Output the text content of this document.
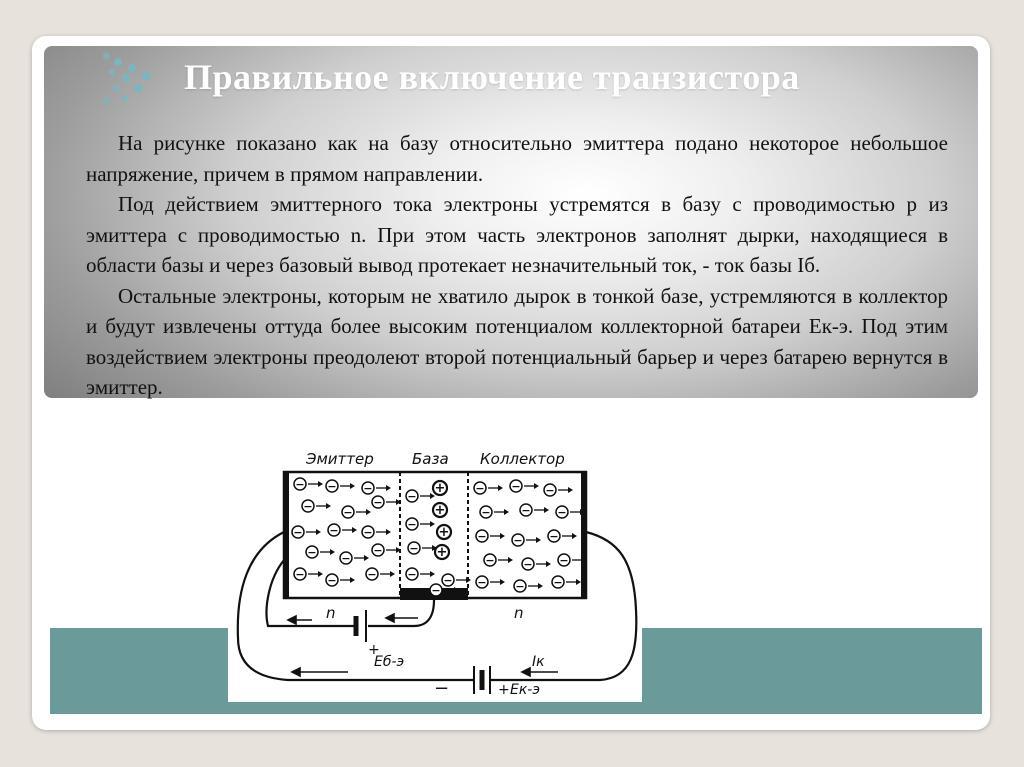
Правильное включение транзистора

На рисунке показано как на базу относительно эмиттера подано некоторое небольшое напряжение, причем в прямом направлении.

Под действием эмиттерного тока электроны устремятся в базу с проводимостью р из эмиттера с проводимостью n. При этом часть электронов заполнят дырки, находящиеся в области базы и через базовый вывод протекает незначительный ток, - ток базы Iб.

Остальные электроны, которым не хватило дырок в тонкой базе, устремляются в коллектор и будут извлечены оттуда более высоким потенциалом коллекторной батареи Ек-э. Под этим воздействием электроны преодолеют второй потенциальный барьер и через батарею вернутся в эмиттер.

Эмиттер	База Коллектор
− − −
−	−
−
− − −
− −
−
− −	−
−
−
−
− −
−
− − −
−	− −
− − −
−	− −
−	−	−
+
+
+
+
n	n
+
Eб-э
−	+ Eк-э
Iк
